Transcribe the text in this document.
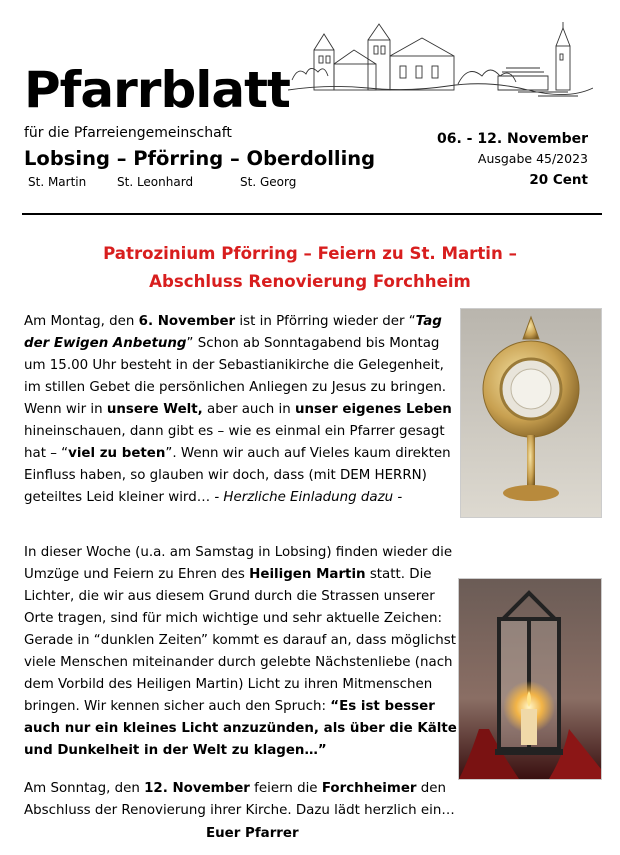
Pfarrblatt
für die Pfarreiengemeinschaft
Lobsing – Pförring – Oberdolling
St. Martin	St. Leonhard	St. Georg
06. - 12. November
Ausgabe 45/2023
20 Cent
Patrozinium Pförring – Feiern zu St. Martin –
Abschluss Renovierung Forchheim
Am Montag, den 6. November ist in Pförring wieder der “Tag der Ewigen Anbetung” Schon ab Sonntagabend bis Montag um 15.00 Uhr besteht in der Sebastianikirche die Gelegenheit, im stillen Gebet die persönlichen Anliegen zu Jesus zu bringen. Wenn wir in unsere Welt, aber auch in unser eigenes Leben hineinschauen, dann gibt es – wie es einmal ein Pfarrer gesagt hat – “viel zu beten”. Wenn wir auch auf Vieles kaum direkten Einfluss haben, so glauben wir doch, dass (mit DEM HERRN) geteiltes Leid kleiner wird… - Herzliche Einladung dazu -
In dieser Woche (u.a. am Samstag in Lobsing) finden wieder die Umzüge und Feiern zu Ehren des Heiligen Martin statt. Die Lichter, die wir aus diesem Grund durch die Strassen unserer Orte tragen, sind für mich wichtige und sehr aktuelle Zeichen: Gerade in “dunklen Zeiten” kommt es darauf an, dass möglichst viele Menschen miteinander durch gelebte Nächstenliebe (nach dem Vorbild des Heiligen Martin) Licht zu ihren Mitmenschen bringen. Wir kennen sicher auch den Spruch: “Es ist besser auch nur ein kleines Licht anzuzünden, als über die Kälte und Dunkelheit in der Welt zu klagen…”
Am Sonntag, den 12. November feiern die Forchheimer den Abschluss der Renovierung ihrer Kirche. Dazu lädt herzlich ein…
Euer Pfarrer
